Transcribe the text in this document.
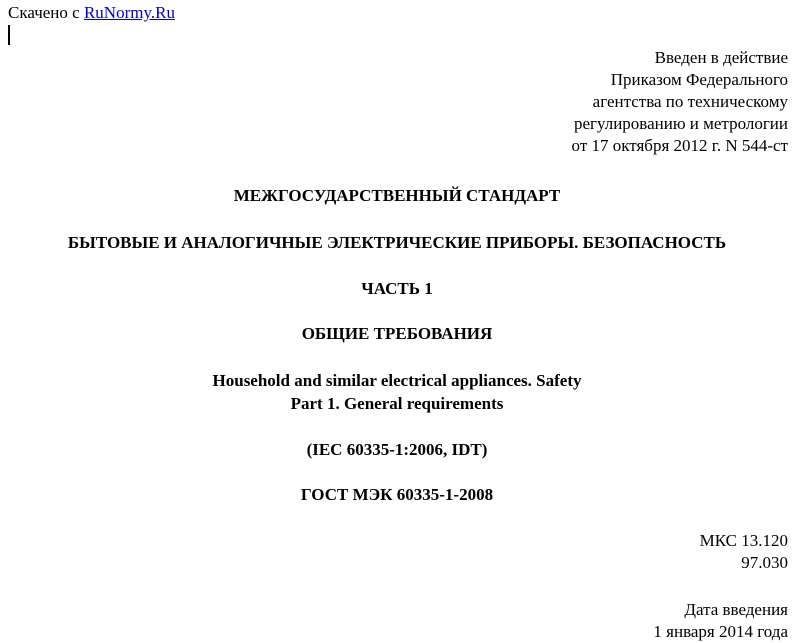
Скачено с RuNormy.Ru
Введен в действие
Приказом Федерального
агентства по техническому
регулированию и метрологии
от 17 октября 2012 г. N 544-ст
МЕЖГОСУДАРСТВЕННЫЙ СТАНДАРТ
БЫТОВЫЕ И АНАЛОГИЧНЫЕ ЭЛЕКТРИЧЕСКИЕ ПРИБОРЫ. БЕЗОПАСНОСТЬ
ЧАСТЬ 1
ОБЩИЕ ТРЕБОВАНИЯ
Household and similar electrical appliances. Safety
Part 1. General requirements
(IEC 60335-1:2006, IDT)
ГОСТ МЭК 60335-1-2008
МКС 13.120
97.030
Дата введения
1 января 2014 года
